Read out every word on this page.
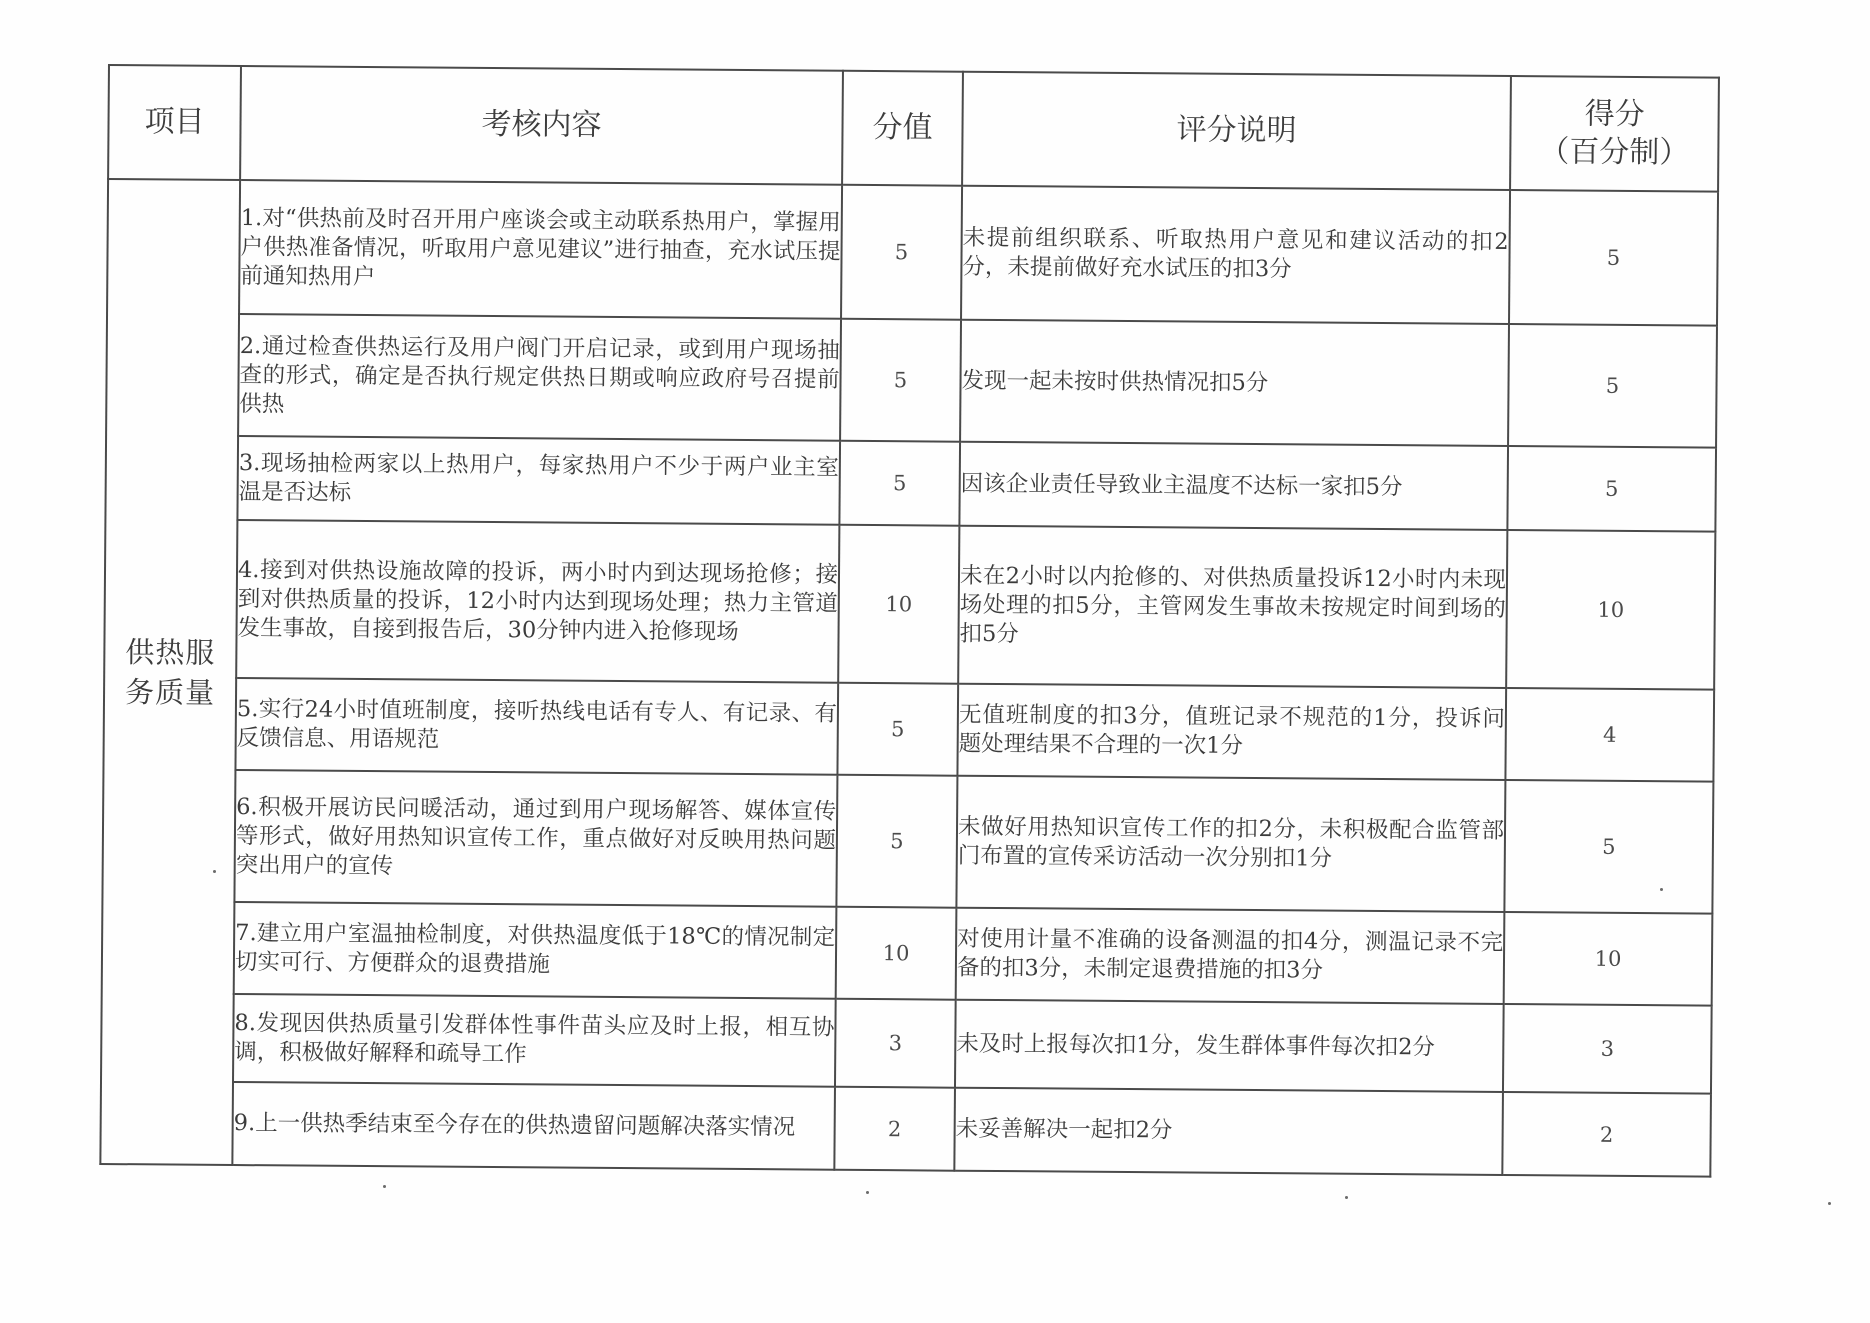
项目	考核内容	分值	评分说明	得分
（百分制）

供热服务质量	1.对“供热前及时召开用户座谈会或主动联系热用户，掌握用户供热准备情况，听取用户意见建议”进行抽查，充水试压提前通知热用户	5	未提前组织联系、听取热用户意见和建议活动的扣2分，未提前做好充水试压的扣3分	5
	2.通过检查供热运行及用户阀门开启记录，或到用户现场抽查的形式，确定是否执行规定供热日期或响应政府号召提前供热	5	发现一起未按时供热情况扣5分	5
	3.现场抽检两家以上热用户，每家热用户不少于两户业主室温是否达标	5	因该企业责任导致业主温度不达标一家扣5分	5
	4.接到对供热设施故障的投诉，两小时内到达现场抢修；接到对供热质量的投诉，12小时内达到现场处理；热力主管道发生事故，自接到报告后，30分钟内进入抢修现场	10	未在2小时以内抢修的、对供热质量投诉12小时内未现场处理的扣5分，主管网发生事故未按规定时间到场的扣5分	10
	5.实行24小时值班制度，接听热线电话有专人、有记录、有反馈信息、用语规范	5	无值班制度的扣3分，值班记录不规范的1分，投诉问题处理结果不合理的一次1分	4
	6.积极开展访民问暖活动，通过到用户现场解答、媒体宣传等形式，做好用热知识宣传工作，重点做好对反映用热问题突出用户的宣传	5	未做好用热知识宣传工作的扣2分，未积极配合监管部门布置的宣传采访活动一次分别扣1分	5
	7.建立用户室温抽检制度，对供热温度低于18℃的情况制定切实可行、方便群众的退费措施	10	对使用计量不准确的设备测温的扣4分，测温记录不完备的扣3分，未制定退费措施的扣3分	10
	8.发现因供热质量引发群体性事件苗头应及时上报，相互协调，积极做好解释和疏导工作	3	未及时上报每次扣1分，发生群体事件每次扣2分	3
	9.上一供热季结束至今存在的供热遗留问题解决落实情况	2	未妥善解决一起扣2分	2
